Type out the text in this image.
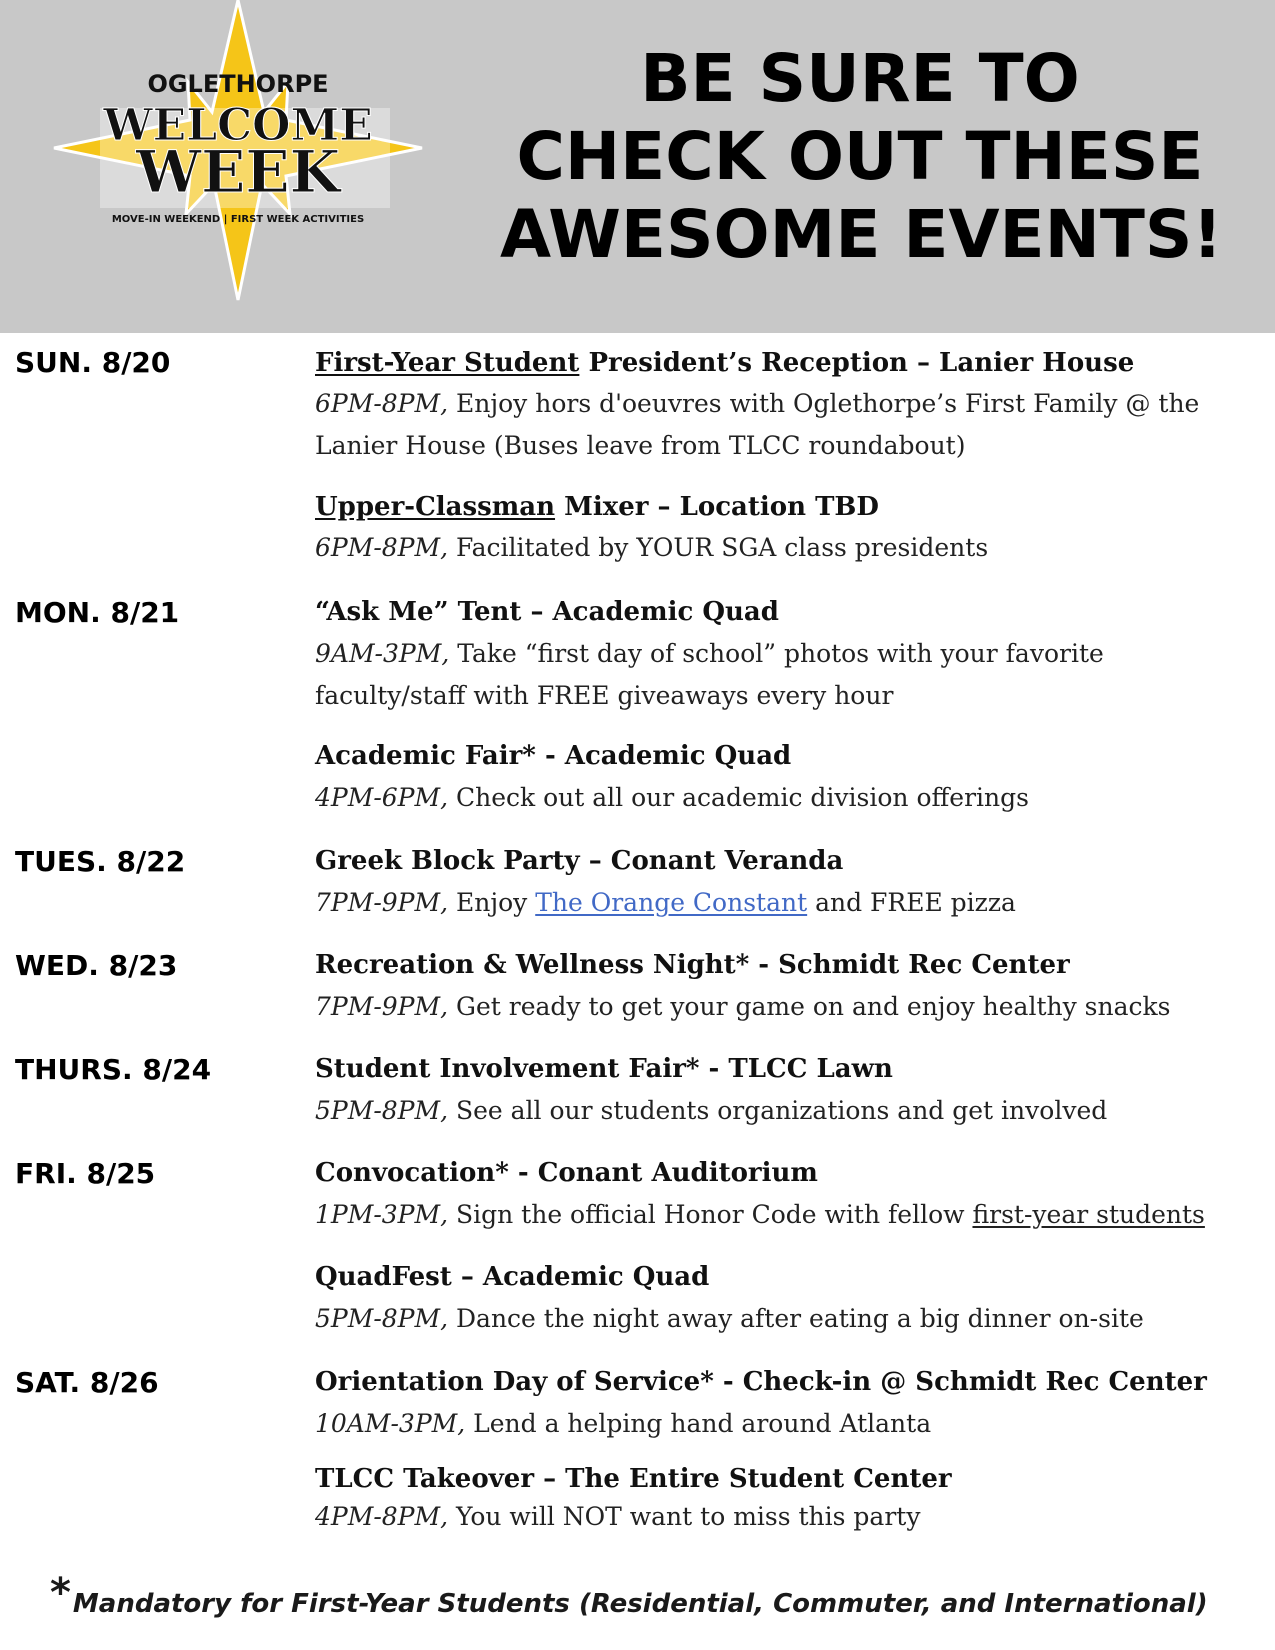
OGLETHORPE
WELCOME
WEEK
MOVE-IN WEEKEND | FIRST WEEK ACTIVITIES
BE SURE TO
CHECK OUT THESE
AWESOME EVENTS!
SUN. 8/20	First-Year Student President’s Reception – Lanier House
6PM-8PM, Enjoy hors d'oeuvres with Oglethorpe’s First Family @ the Lanier House (Buses leave from TLCC roundabout)
Upper-Classman Mixer – Location TBD
6PM-8PM, Facilitated by YOUR SGA class presidents
MON. 8/21	“Ask Me” Tent – Academic Quad
9AM-3PM, Take “first day of school” photos with your favorite faculty/staff with FREE giveaways every hour
Academic Fair* - Academic Quad
4PM-6PM, Check out all our academic division offerings
TUES. 8/22	Greek Block Party – Conant Veranda
7PM-9PM, Enjoy The Orange Constant and FREE pizza
WED. 8/23	Recreation & Wellness Night* - Schmidt Rec Center
7PM-9PM, Get ready to get your game on and enjoy healthy snacks
THURS. 8/24	Student Involvement Fair* - TLCC Lawn
5PM-8PM, See all our students organizations and get involved
FRI. 8/25	Convocation* - Conant Auditorium
1PM-3PM, Sign the official Honor Code with fellow first-year students
QuadFest – Academic Quad
5PM-8PM, Dance the night away after eating a big dinner on-site
SAT. 8/26	Orientation Day of Service* - Check-in @ Schmidt Rec Center
10AM-3PM, Lend a helping hand around Atlanta
TLCC Takeover – The Entire Student Center
4PM-8PM, You will NOT want to miss this party
*Mandatory for First-Year Students (Residential, Commuter, and International)
